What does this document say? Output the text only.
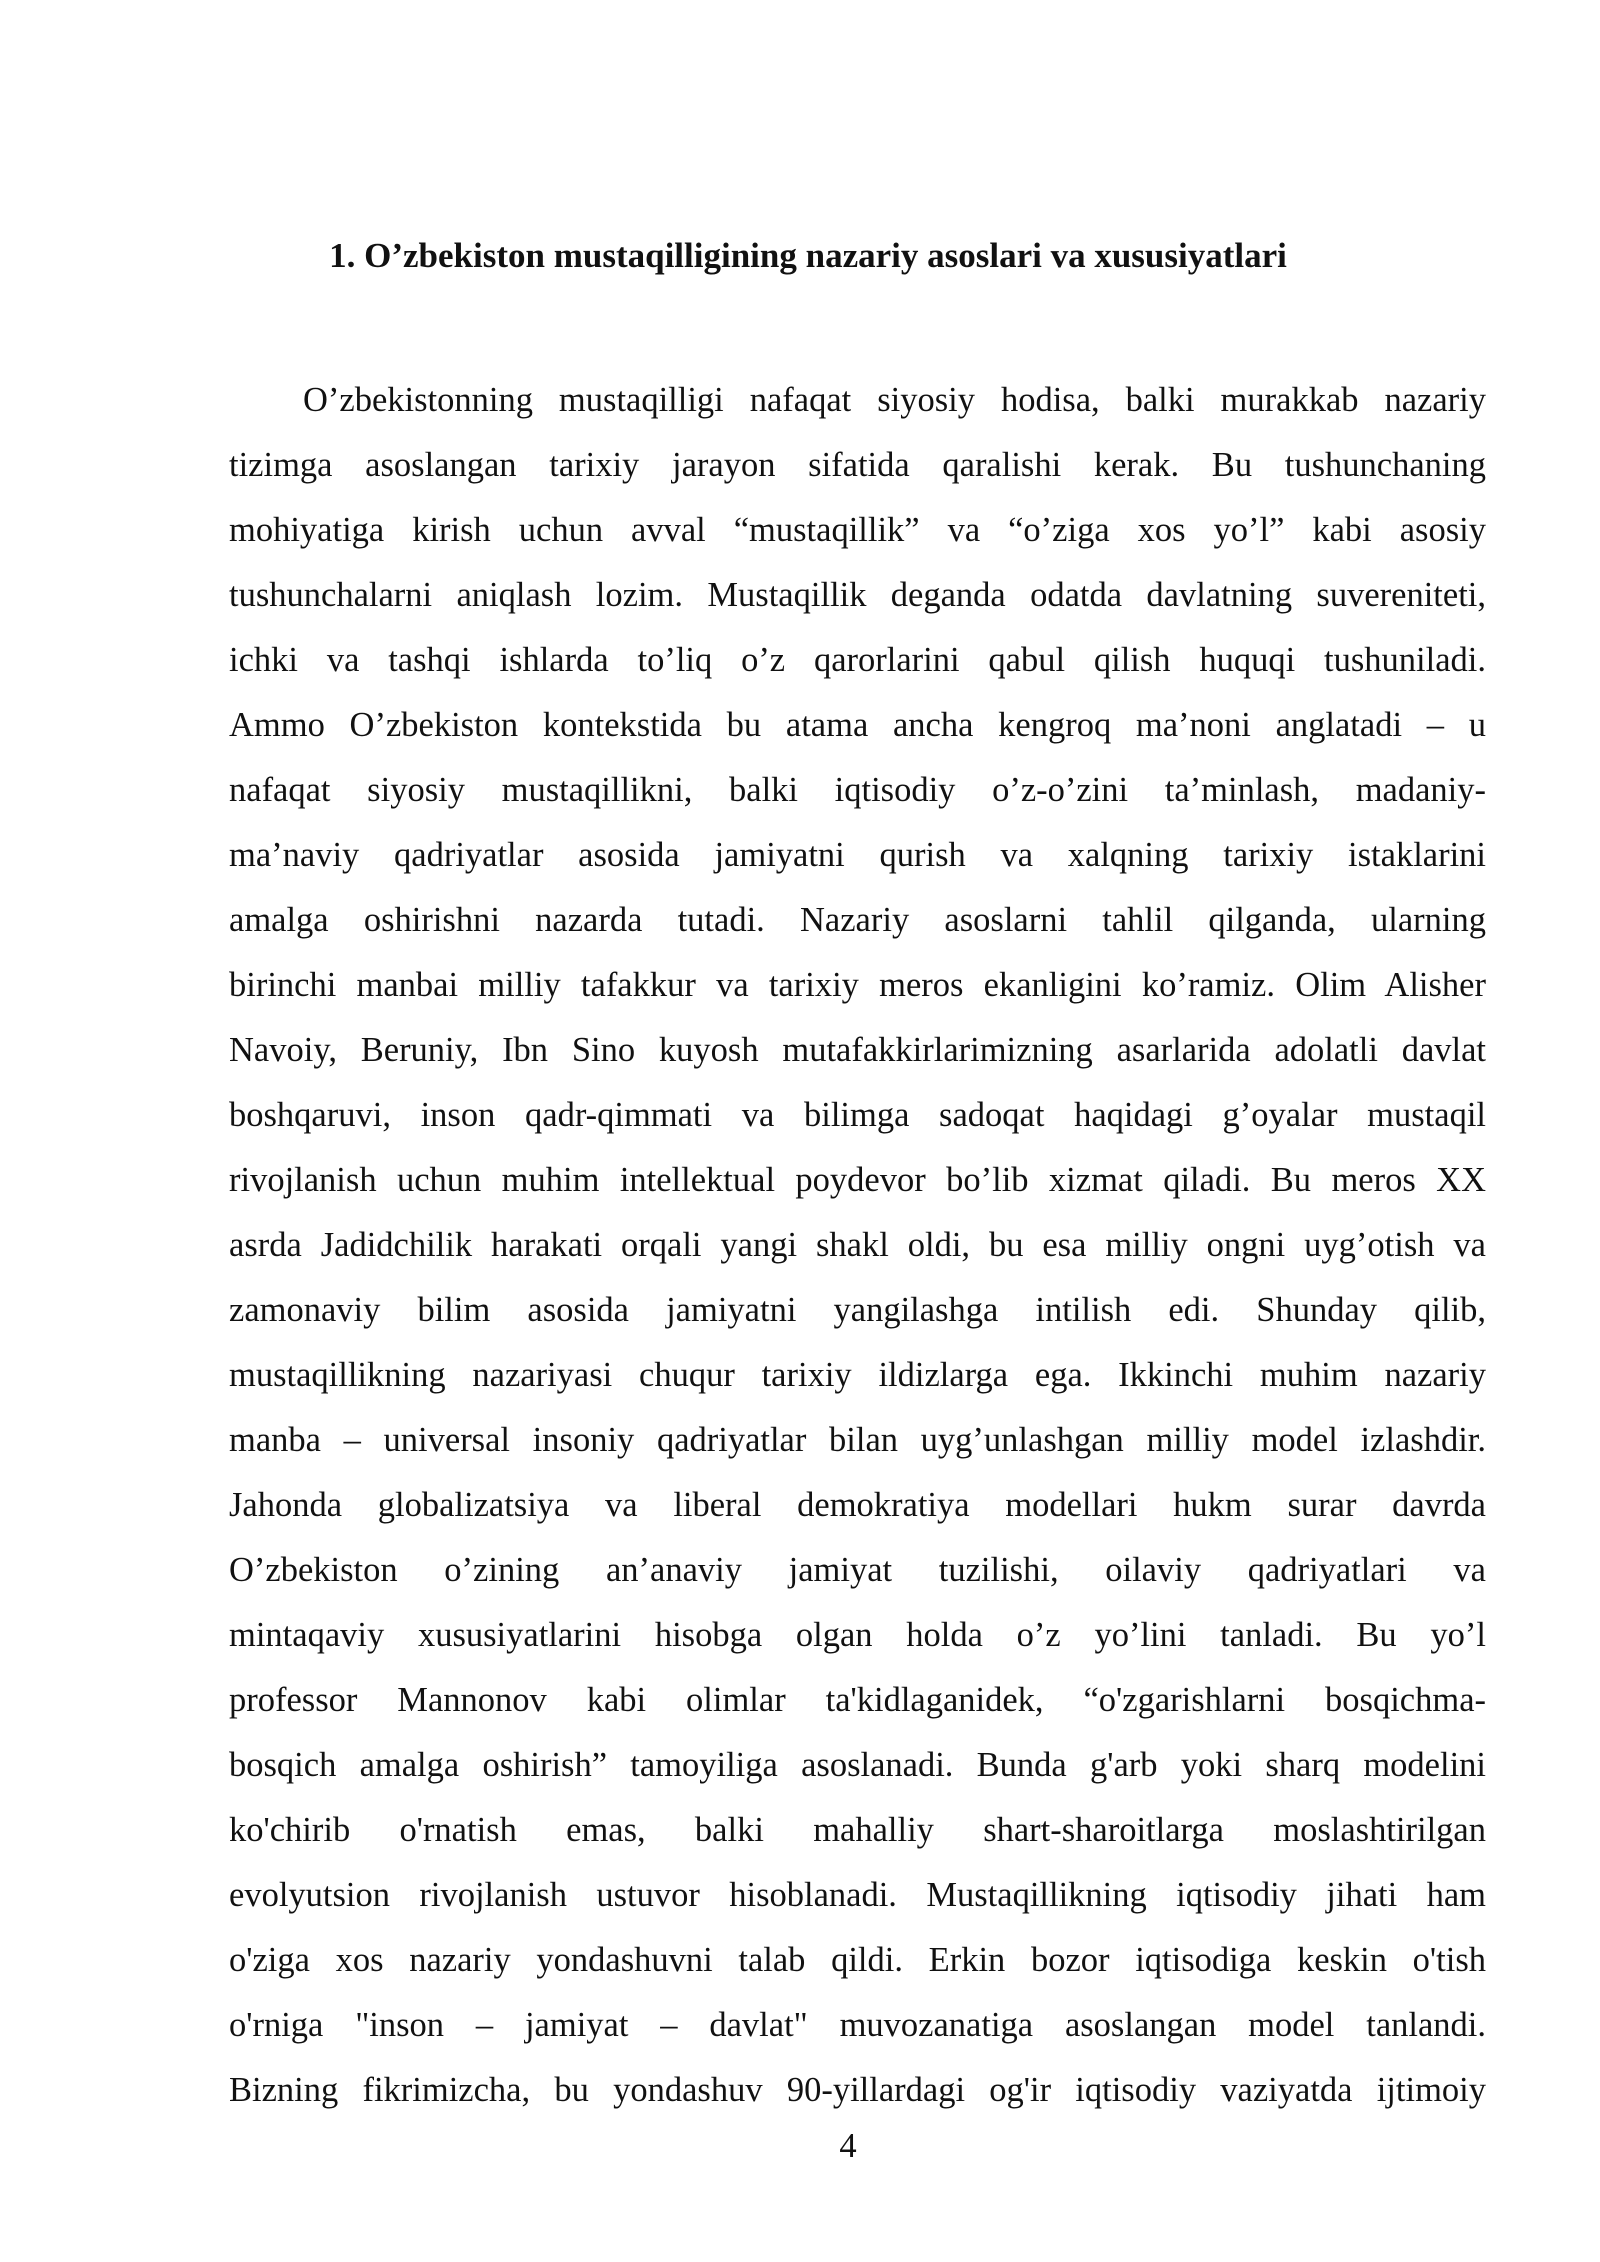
1. O’zbekiston mustaqilligining nazariy asoslari va xususiyatlari
O’zbekistonning mustaqilligi nafaqat siyosiy hodisa, balki murakkab nazariy
tizimga asoslangan tarixiy jarayon sifatida qaralishi kerak. Bu tushunchaning
mohiyatiga kirish uchun avval “mustaqillik” va “o’ziga xos yo’l” kabi asosiy
tushunchalarni aniqlash lozim. Mustaqillik deganda odatda davlatning suvereniteti,
ichki va tashqi ishlarda to’liq o’z qarorlarini qabul qilish huquqi tushuniladi.
Ammo O’zbekiston kontekstida bu atama ancha kengroq ma’noni anglatadi – u
nafaqat siyosiy mustaqillikni, balki iqtisodiy o’z-o’zini ta’minlash, madaniy-
ma’naviy qadriyatlar asosida jamiyatni qurish va xalqning tarixiy istaklarini
amalga oshirishni nazarda tutadi. Nazariy asoslarni tahlil qilganda, ularning
birinchi manbai milliy tafakkur va tarixiy meros ekanligini ko’ramiz. Olim Alisher
Navoiy, Beruniy, Ibn Sino kuyosh mutafakkirlarimizning asarlarida adolatli davlat
boshqaruvi, inson qadr-qimmati va bilimga sadoqat haqidagi g’oyalar mustaqil
rivojlanish uchun muhim intellektual poydevor bo’lib xizmat qiladi. Bu meros XX
asrda Jadidchilik harakati orqali yangi shakl oldi, bu esa milliy ongni uyg’otish va
zamonaviy bilim asosida jamiyatni yangilashga intilish edi. Shunday qilib,
mustaqillikning nazariyasi chuqur tarixiy ildizlarga ega. Ikkinchi muhim nazariy
manba – universal insoniy qadriyatlar bilan uyg’unlashgan milliy model izlashdir.
Jahonda globalizatsiya va liberal demokratiya modellari hukm surar davrda
O’zbekiston o’zining an’anaviy jamiyat tuzilishi, oilaviy qadriyatlari va
mintaqaviy xususiyatlarini hisobga olgan holda o’z yo’lini tanladi. Bu yo’l
professor Mannonov kabi olimlar ta'kidlaganidek, “o'zgarishlarni bosqichma-
bosqich amalga oshirish” tamoyiliga asoslanadi. Bunda g'arb yoki sharq modelini
ko'chirib o'rnatish emas, balki mahalliy shart-sharoitlarga moslashtirilgan
evolyutsion rivojlanish ustuvor hisoblanadi. Mustaqillikning iqtisodiy jihati ham
o'ziga xos nazariy yondashuvni talab qildi. Erkin bozor iqtisodiga keskin o'tish
o'rniga "inson – jamiyat – davlat" muvozanatiga asoslangan model tanlandi.
Bizning fikrimizcha, bu yondashuv 90-yillardagi og'ir iqtisodiy vaziyatda ijtimoiy
4
